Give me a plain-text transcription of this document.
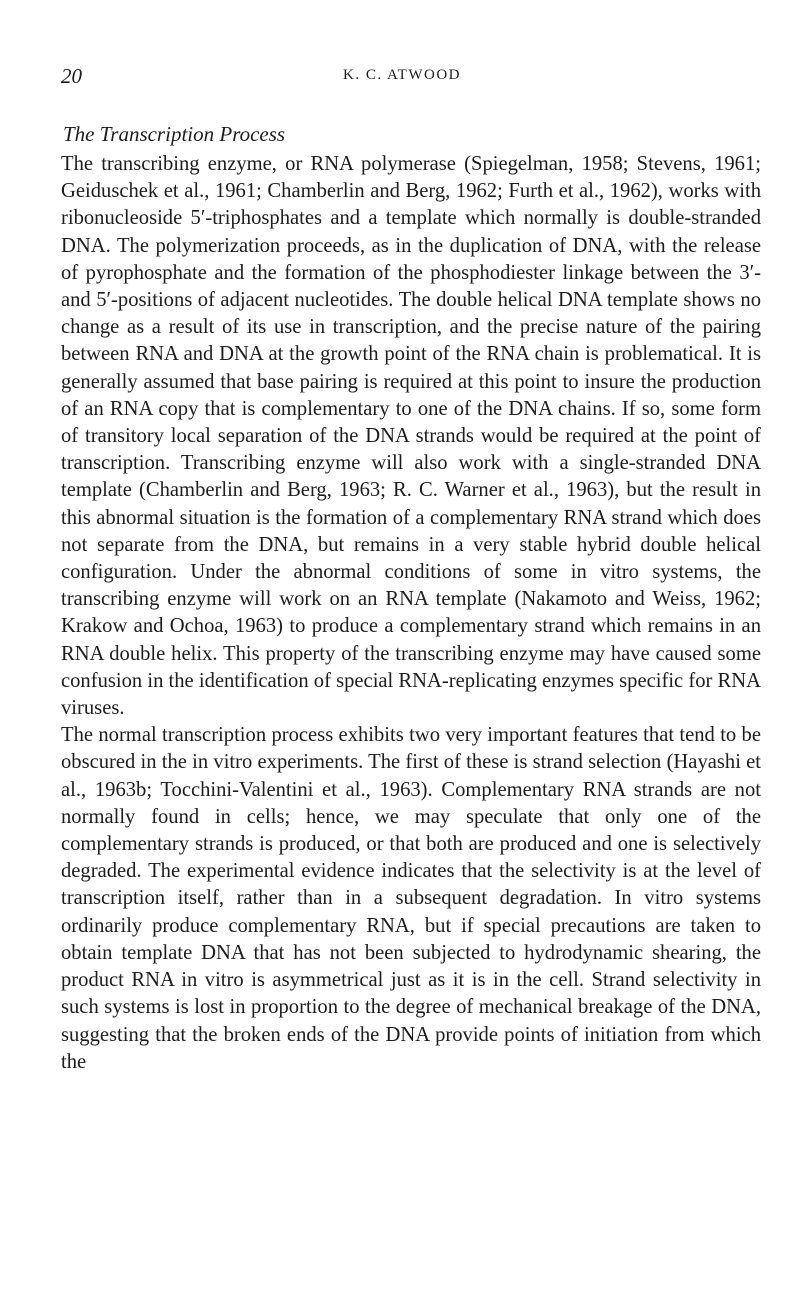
20	K. C. ATWOOD
The Transcription Process

The transcribing enzyme, or RNA polymerase (Spiegelman, 1958; Stevens, 1961; Geiduschek et al., 1961; Chamberlin and Berg, 1962; Furth et al., 1962), works with ribonucleoside 5′-triphosphates and a template which normally is double-stranded DNA. The polymerization proceeds, as in the duplication of DNA, with the release of pyrophosphate and the formation of the phosphodiester linkage between the 3′- and 5′-positions of adjacent nucleotides. The double helical DNA template shows no change as a result of its use in transcription, and the precise nature of the pairing between RNA and DNA at the growth point of the RNA chain is problematical. It is generally assumed that base pairing is required at this point to insure the production of an RNA copy that is complementary to one of the DNA chains. If so, some form of transitory local separation of the DNA strands would be required at the point of transcription. Transcribing enzyme will also work with a single-stranded DNA template (Chamberlin and Berg, 1963; R. C. Warner et al., 1963), but the result in this abnormal situation is the formation of a complementary RNA strand which does not separate from the DNA, but remains in a very stable hybrid double helical configuration. Under the abnormal conditions of some in vitro systems, the transcribing enzyme will work on an RNA template (Nakamoto and Weiss, 1962; Krakow and Ochoa, 1963) to produce a complementary strand which remains in an RNA double helix. This property of the transcribing enzyme may have caused some confusion in the identification of special RNA-replicating enzymes specific for RNA viruses.

The normal transcription process exhibits two very important features that tend to be obscured in the in vitro experiments. The first of these is strand selection (Hayashi et al., 1963b; Tocchini-Valentini et al., 1963). Complementary RNA strands are not normally found in cells; hence, we may speculate that only one of the complementary strands is produced, or that both are produced and one is selectively degraded. The experimental evidence indicates that the selectivity is at the level of transcription itself, rather than in a subsequent degradation. In vitro systems ordinarily produce complementary RNA, but if special precautions are taken to obtain template DNA that has not been subjected to hydrodynamic shearing, the product RNA in vitro is asymmetrical just as it is in the cell. Strand selectivity in such systems is lost in proportion to the degree of mechanical breakage of the DNA, suggesting that the broken ends of the DNA provide points of initiation from which the
